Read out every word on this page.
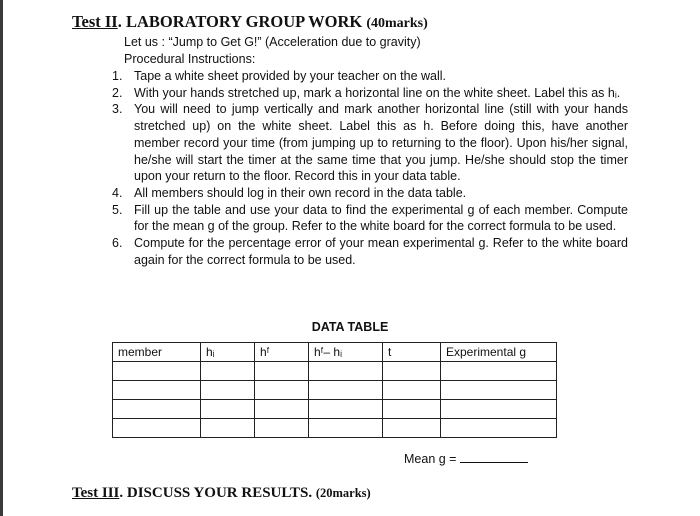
Test II. LABORATORY GROUP WORK (40marks)
Let us : “Jump to Get G!” (Acceleration due to gravity)
Procedural Instructions:
1. Tape a white sheet provided by your teacher on the wall.
2. With your hands stretched up, mark a horizontal line on the white sheet. Label this as hᵢ.
3. You will need to jump vertically and mark another horizontal line (still with your hands stretched up) on the white sheet. Label this as h. Before doing this, have another member record your time (from jumping up to returning to the floor). Upon his/her signal, he/she will start the timer at the same time that you jump. He/she should stop the timer upon your return to the floor. Record this in your data table.
4. All members should log in their own record in the data table.
5. Fill up the table and use your data to find the experimental g of each member. Compute for the mean g of the group. Refer to the white board for the correct formula to be used.
6. Compute for the percentage error of your mean experimental g. Refer to the white board again for the correct formula to be used.
DATA TABLE
member	hᵢ	hᶠ	hᶠ– hᵢ	t	Experimental g

Mean g =
Test III. DISCUSS YOUR RESULTS. (20marks)
